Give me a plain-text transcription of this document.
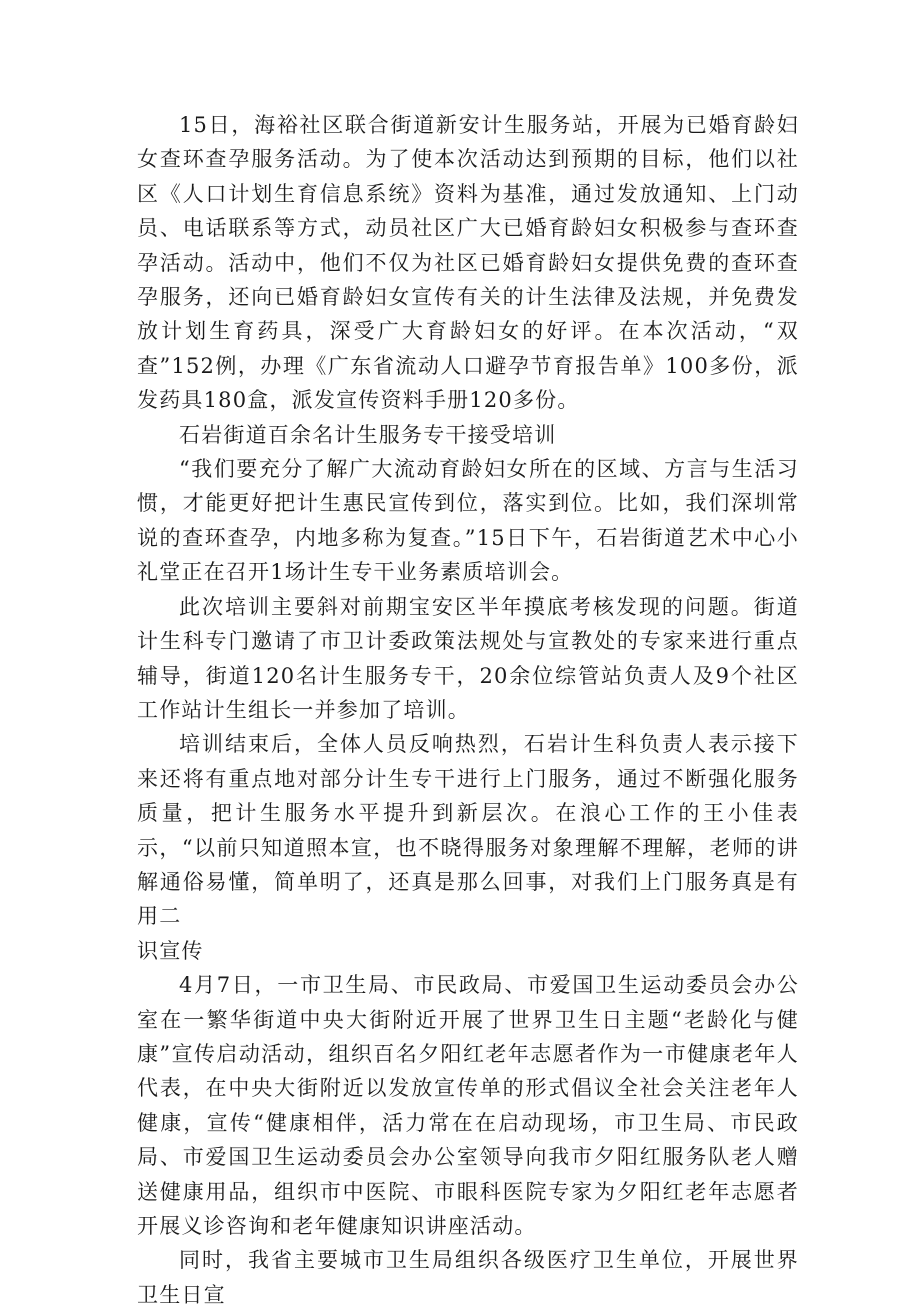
15日，海裕社区联合街道新安计生服务站，开展为已婚育龄妇女查环查孕服务活动。为了使本次活动达到预期的目标，他们以社区《人口计划生育信息系统》资料为基准，通过发放通知、上门动员、电话联系等方式，动员社区广大已婚育龄妇女积极参与查环查孕活动。活动中，他们不仅为社区已婚育龄妇女提供免费的查环查孕服务，还向已婚育龄妇女宣传有关的计生法律及法规，并免费发放计划生育药具，深受广大育龄妇女的好评。在本次活动，“双查”152例，办理《广东省流动人口避孕节育报告单》100多份，派发药具180盒，派发宣传资料手册120多份。

石岩街道百余名计生服务专干接受培训

“我们要充分了解广大流动育龄妇女所在的区域、方言与生活习惯，才能更好把计生惠民宣传到位，落实到位。比如，我们深圳常说的查环查孕，内地多称为复查。”15日下午，石岩街道艺术中心小礼堂正在召开1场计生专干业务素质培训会。

此次培训主要斜对前期宝安区半年摸底考核发现的问题。街道计生科专门邀请了市卫计委政策法规处与宣教处的专家来进行重点辅导，街道120名计生服务专干，20余位综管站负责人及9个社区工作站计生组长一并参加了培训。

培训结束后，全体人员反响热烈，石岩计生科负责人表示接下来还将有重点地对部分计生专干进行上门服务，通过不断强化服务质量，把计生服务水平提升到新层次。在浪心工作的王小佳表示，“以前只知道照本宣，也不晓得服务对象理解不理解，老师的讲解通俗易懂，简单明了，还真是那么回事，对我们上门服务真是有用二

识宣传

4月7日，一市卫生局、市民政局、市爱国卫生运动委员会办公室在一繁华街道中央大街附近开展了世界卫生日主题“老龄化与健康”宣传启动活动，组织百名夕阳红老年志愿者作为一市健康老年人代表，在中央大街附近以发放宣传单的形式倡议全社会关注老年人健康，宣传“健康相伴，活力常在在启动现场，市卫生局、市民政局、市爱国卫生运动委员会办公室领导向我市夕阳红服务队老人赠送健康用品，组织市中医院、市眼科医院专家为夕阳红老年志愿者开展义诊咨询和老年健康知识讲座活动。

同时，我省主要城市卫生局组织各级医疗卫生单位，开展世界卫生日宣
